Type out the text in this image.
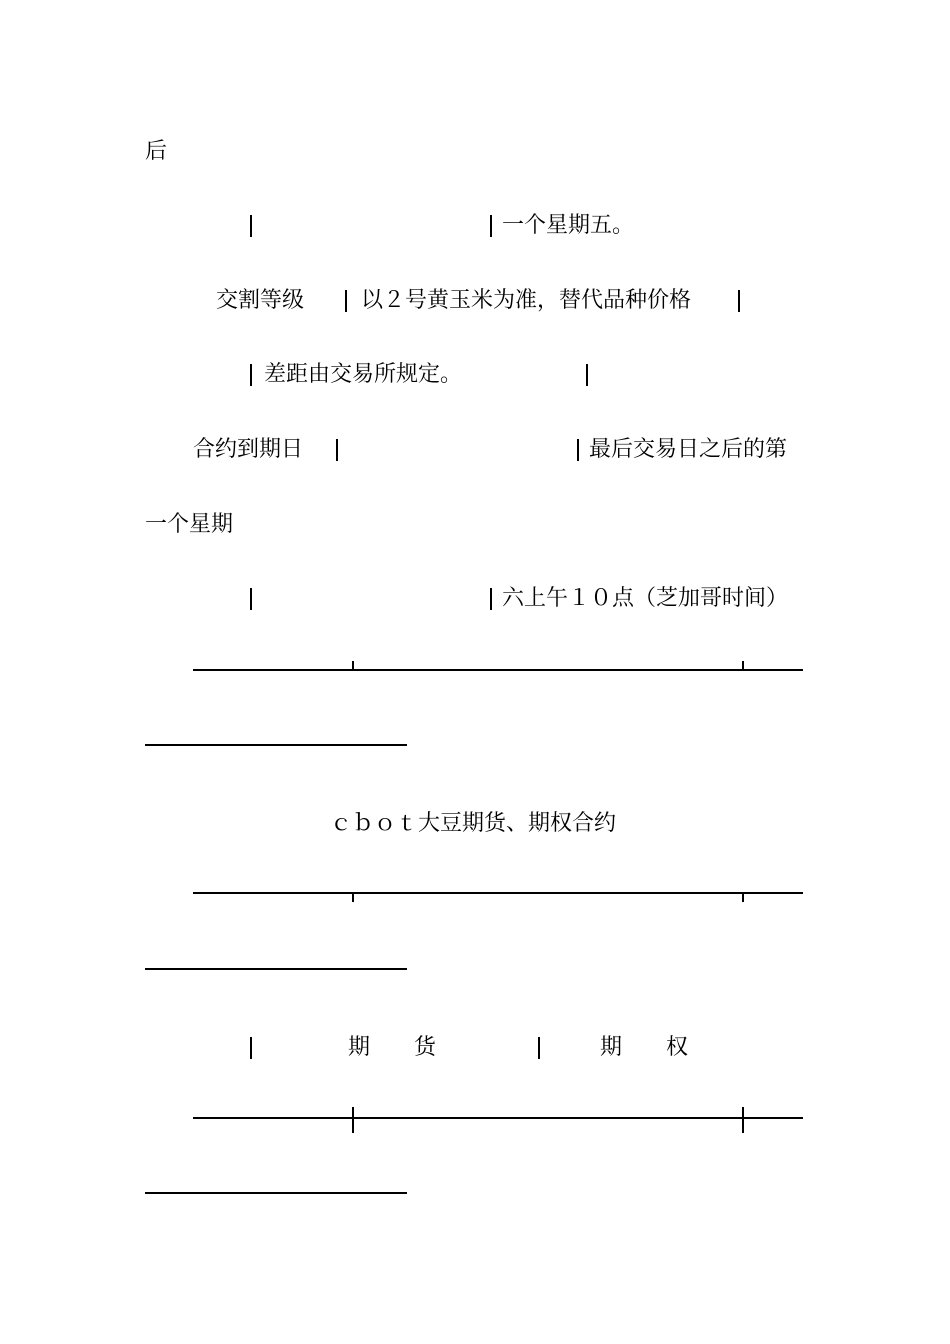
后
一个星期五。
交割等级	以２号黄玉米为准，替代品种价格
差距由交易所规定。
合约到期日	最后交易日之后的第
一个星期
六上午１０点（芝加哥时间）
ｃｂｏｔ大豆期货、期权合约
期　　货	期　　权
